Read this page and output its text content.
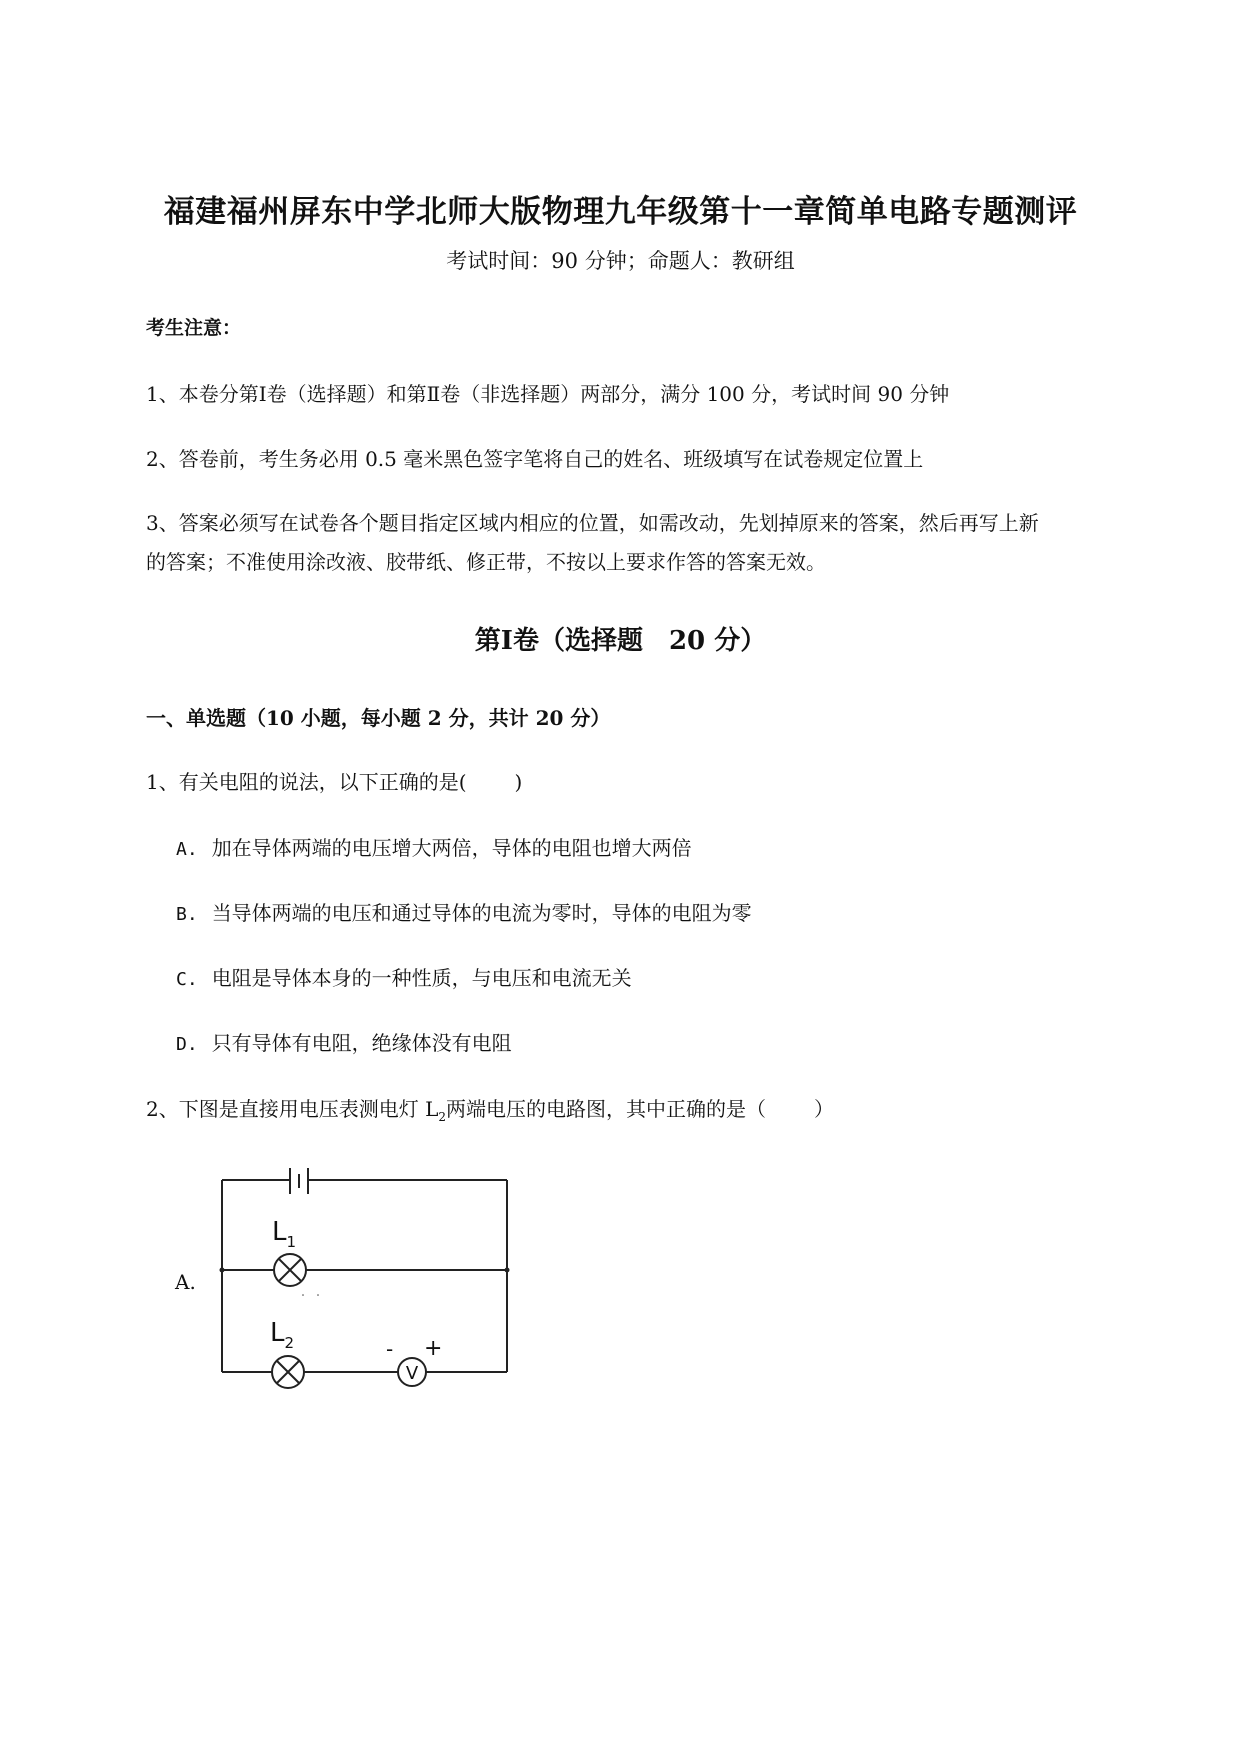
福建福州屏东中学北师大版物理九年级第十一章简单电路专题测评
考试时间：90 分钟；命题人：教研组
考生注意：
1、本卷分第Ⅰ卷（选择题）和第Ⅱ卷（非选择题）两部分，满分 100 分，考试时间 90 分钟
2、答卷前，考生务必用 0.5 毫米黑色签字笔将自己的姓名、班级填写在试卷规定位置上
3、答案必须写在试卷各个题目指定区域内相应的位置，如需改动，先划掉原来的答案，然后再写上新
的答案；不准使用涂改液、胶带纸、修正带，不按以上要求作答的答案无效。
第Ⅰ卷（选择题　20 分）
一、单选题（10 小题，每小题 2 分，共计 20 分）
1、有关电阻的说法，以下正确的是( )
A. 加在导体两端的电压增大两倍，导体的电阻也增大两倍
B. 当导体两端的电压和通过导体的电流为零时，导体的电阻为零
C. 电阻是导体本身的一种性质，与电压和电流无关
D. 只有导体有电阻，绝缘体没有电阻
2、下图是直接用电压表测电灯 $L_2$两端电压的电路图，其中正确的是（ ）
A.
$L_1$
$L_2$
V
- +
